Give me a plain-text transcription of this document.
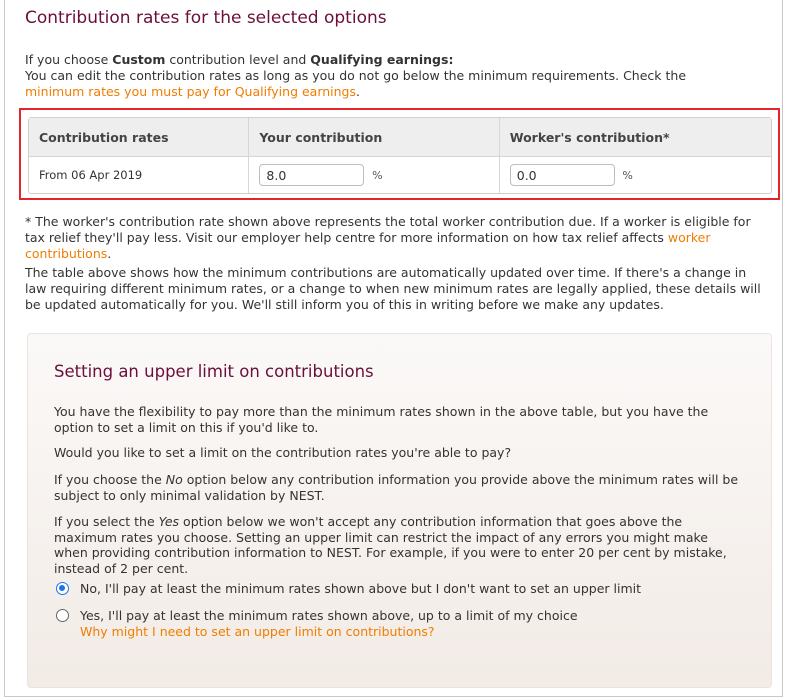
Contribution rates for the selected options

If you choose Custom contribution level and Qualifying earnings:
You can edit the contribution rates as long as you do not go below the minimum requirements. Check the
minimum rates you must pay for Qualifying earnings.

Contribution rates	Your contribution	Worker's contribution*
From 06 Apr 2019	8.0%	0.0%

* The worker's contribution rate shown above represents the total worker contribution due. If a worker is eligible for tax relief they'll pay less. Visit our employer help centre for more information on how tax relief affects worker contributions.

The table above shows how the minimum contributions are automatically updated over time. If there's a change in law requiring different minimum rates, or a change to when new minimum rates are legally applied, these details will be updated automatically for you. We'll still inform you of this in writing before we make any updates.

Setting an upper limit on contributions

You have the flexibility to pay more than the minimum rates shown in the above table, but you have the option to set a limit on this if you'd like to.

Would you like to set a limit on the contribution rates you're able to pay?

If you choose the No option below any contribution information you provide above the minimum rates will be subject to only minimal validation by NEST.

If you select the Yes option below we won't accept any contribution information that goes above the maximum rates you choose. Setting an upper limit can restrict the impact of any errors you might make when providing contribution information to NEST. For example, if you were to enter 20 per cent by mistake, instead of 2 per cent.

No, I'll pay at least the minimum rates shown above but I don't want to set an upper limit
Yes, I'll pay at least the minimum rates shown above, up to a limit of my choice
Why might I need to set an upper limit on contributions?
